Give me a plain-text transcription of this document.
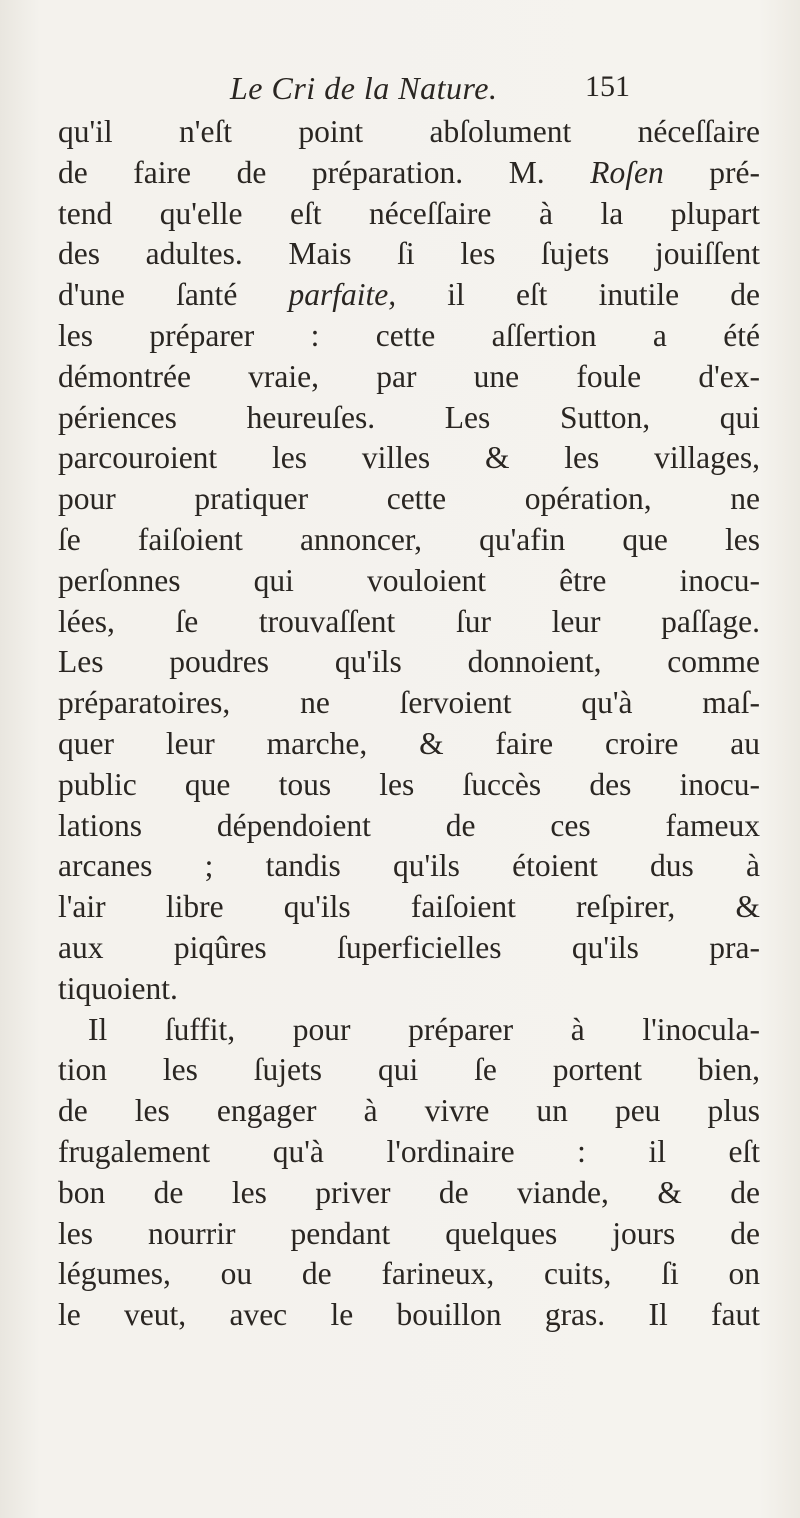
Le Cri de la Nature.	151
qu'il n'eſt point abſolument néceſſaire
de faire de préparation. M. Roſen pré-
tend qu'elle eſt néceſſaire à la plupart
des adultes. Mais ſi les ſujets jouiſſent
d'une ſanté parfaite, il eſt inutile de
les préparer : cette aſſertion a été
démontrée vraie, par une foule d'ex-
périences heureuſes. Les Sutton, qui
parcouroient les villes & les villages,
pour pratiquer cette opération, ne
ſe faiſoient annoncer, qu'afin que les
perſonnes qui vouloient être inocu-
lées, ſe trouvaſſent ſur leur paſſage.
Les poudres qu'ils donnoient, comme
préparatoires, ne ſervoient qu'à maſ-
quer leur marche, & faire croire au
public que tous les ſuccès des inocu-
lations dépendoient de ces fameux
arcanes ; tandis qu'ils étoient dus à
l'air libre qu'ils faiſoient reſpirer, &
aux piqûres ſuperficielles qu'ils pra-
tiquoient.
Il ſuffit, pour préparer à l'inocula-
tion les ſujets qui ſe portent bien,
de les engager à vivre un peu plus
frugalement qu'à l'ordinaire : il eſt
bon de les priver de viande, & de
les nourrir pendant quelques jours de
légumes, ou de farineux, cuits, ſi on
le veut, avec le bouillon gras. Il faut
